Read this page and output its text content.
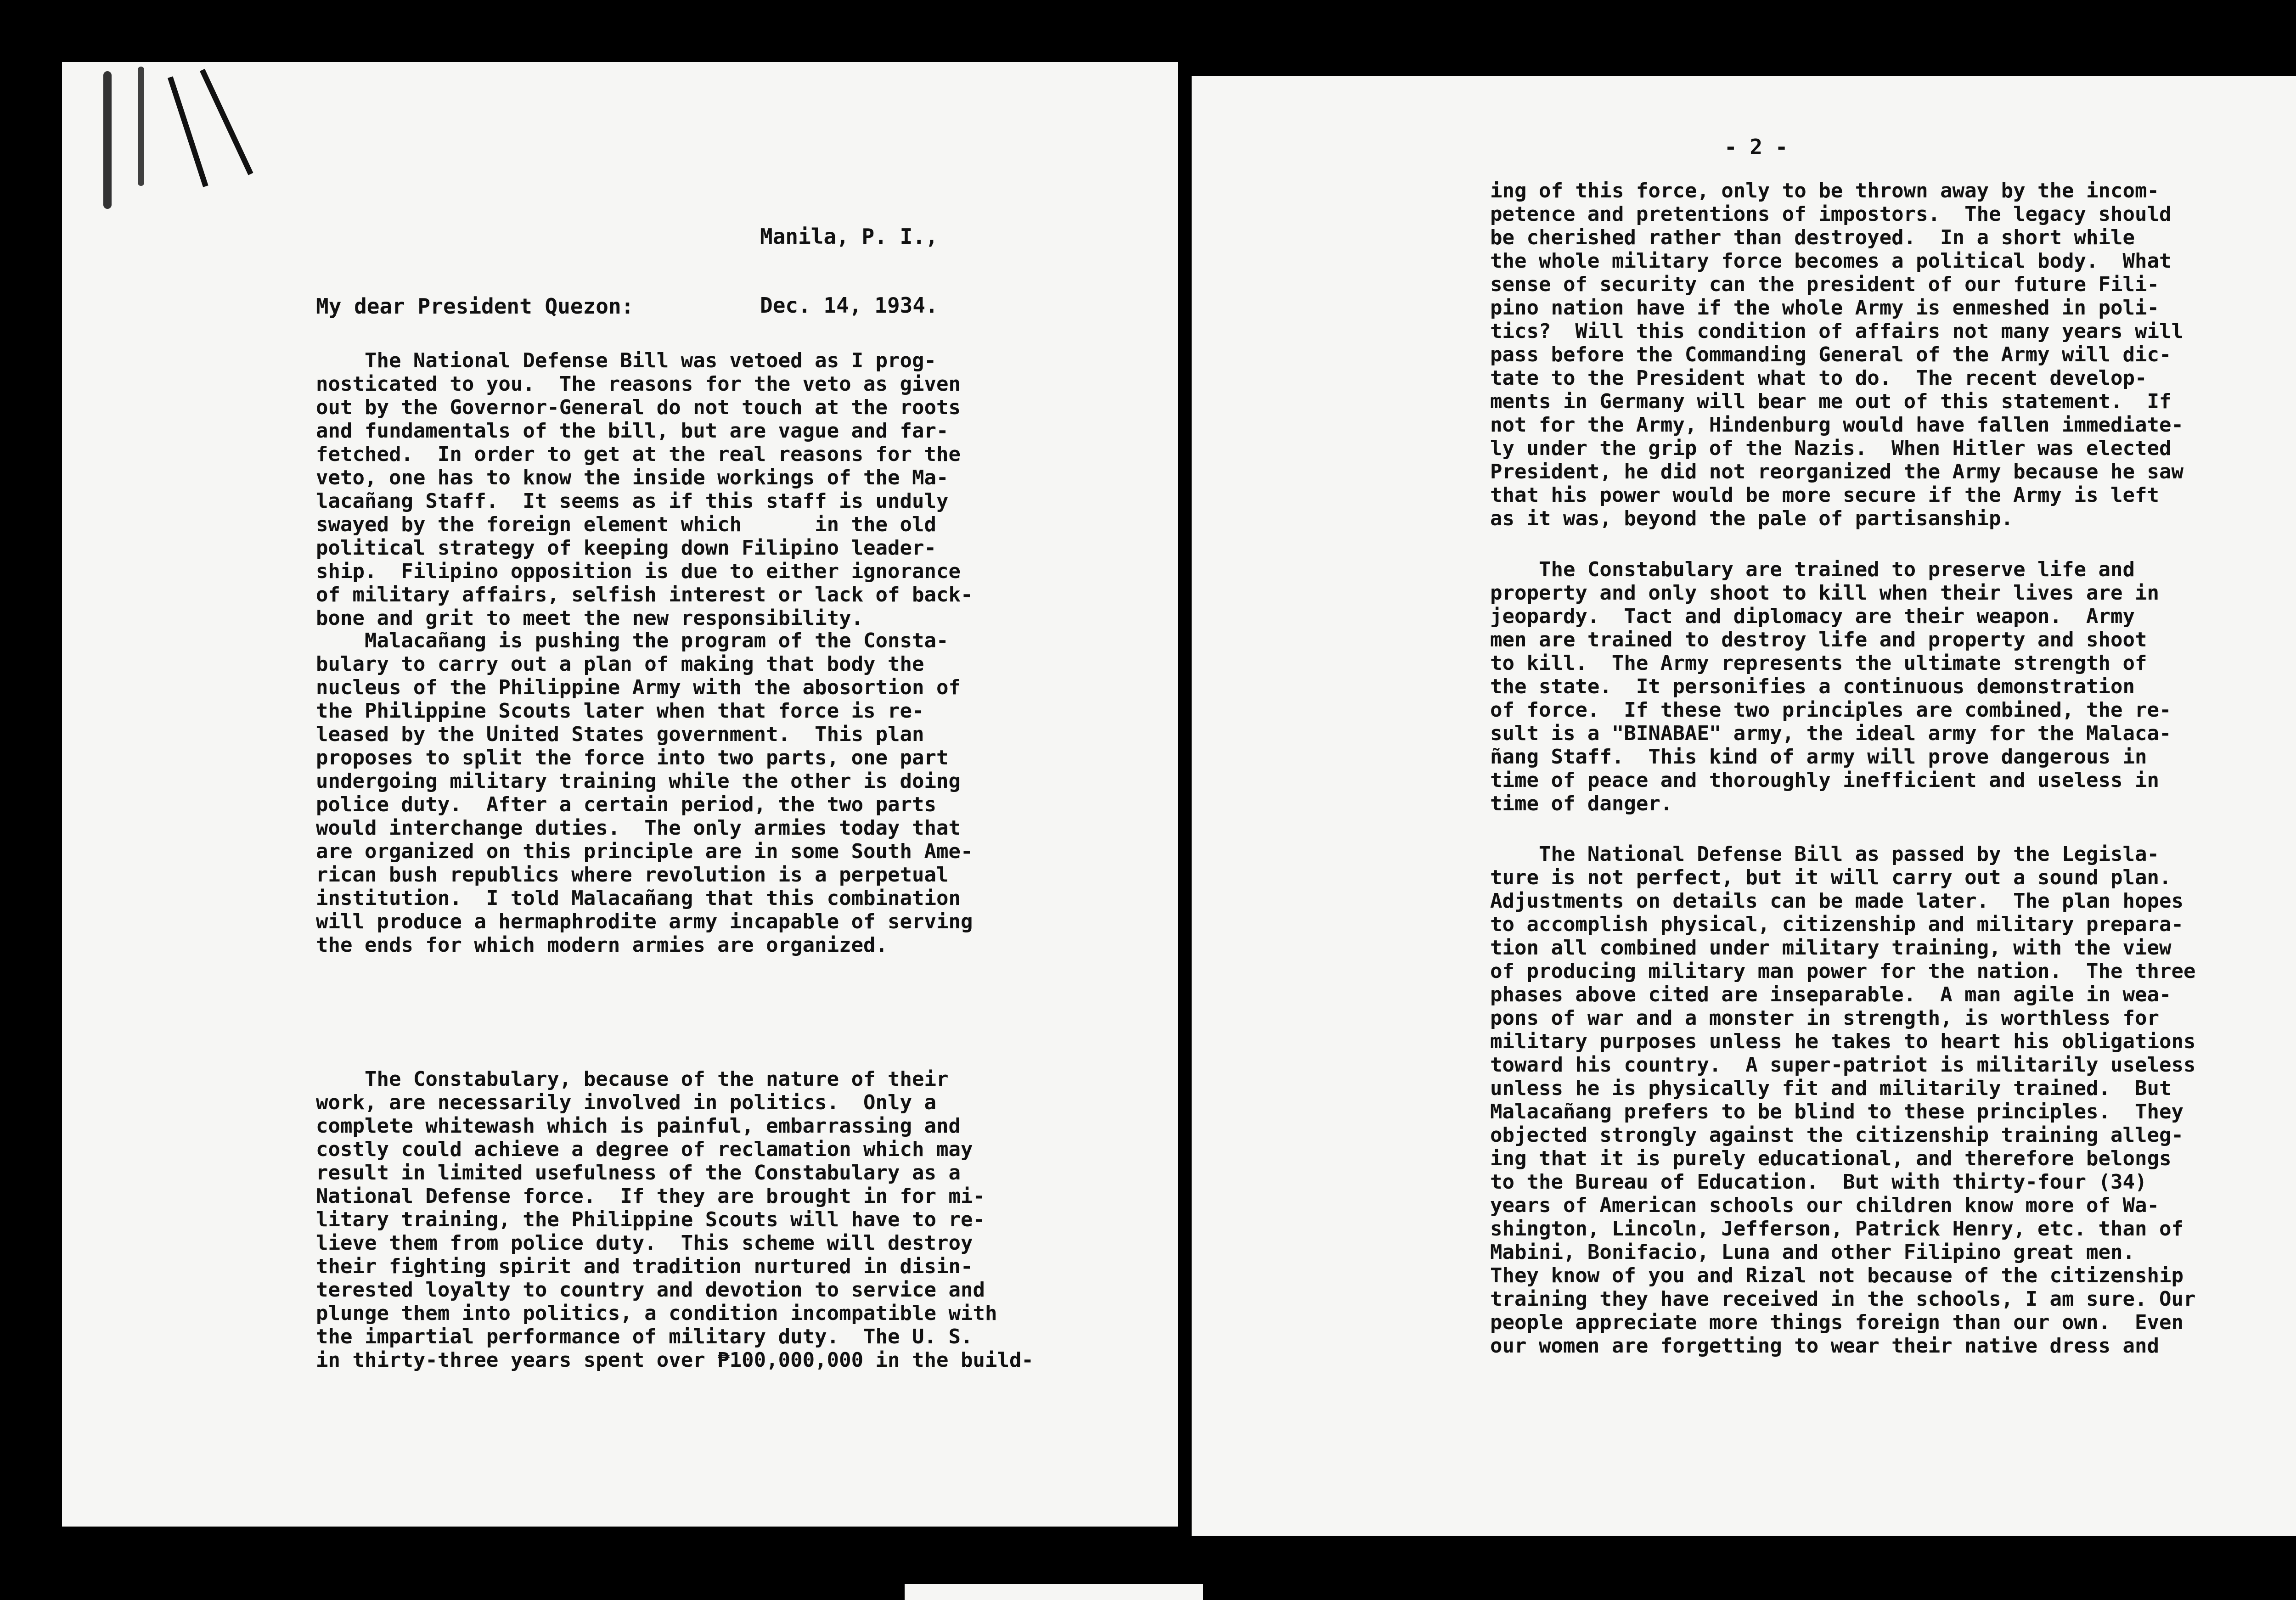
Manila, P. I.,

Dec. 14, 1934.

My dear President Quezon:
The National Defense Bill was vetoed as I prog-
nosticated to you.  The reasons for the veto as given
out by the Governor-General do not touch at the roots
and fundamentals of the bill, but are vague and far-
fetched.  In order to get at the real reasons for the
veto, one has to know the inside workings of the Ma-
lacañang Staff.  It seems as if this staff is unduly
swayed by the foreign element which      in the old
political strategy of keeping down Filipino leader-
ship.  Filipino opposition is due to either ignorance
of military affairs, selfish interest or lack of back-
bone and grit to meet the new responsibility.
Malacañang is pushing the program of the Consta-
bulary to carry out a plan of making that body the
nucleus of the Philippine Army with the abosortion of
the Philippine Scouts later when that force is re-
leased by the United States government.  This plan
proposes to split the force into two parts, one part
undergoing military training while the other is doing
police duty.  After a certain period, the two parts
would interchange duties.  The only armies today that
are organized on this principle are in some South Ame-
rican bush republics where revolution is a perpetual
institution.  I told Malacañang that this combination
will produce a hermaphrodite army incapable of serving
the ends for which modern armies are organized.
The Constabulary, because of the nature of their
work, are necessarily involved in politics.  Only a
complete whitewash which is painful, embarrassing and
costly could achieve a degree of reclamation which may
result in limited usefulness of the Constabulary as a
National Defense force.  If they are brought in for mi-
litary training, the Philippine Scouts will have to re-
lieve them from police duty.  This scheme will destroy
their fighting spirit and tradition nurtured in disin-
terested loyalty to country and devotion to service and
plunge them into politics, a condition incompatible with
the impartial performance of military duty.  The U. S.
in thirty-three years spent over ₱100,000,000 in the build-
- 2 -
ing of this force, only to be thrown away by the incom-
petence and pretentions of impostors.  The legacy should
be cherished rather than destroyed.  In a short while
the whole military force becomes a political body.  What
sense of security can the president of our future Fili-
pino nation have if the whole Army is enmeshed in poli-
tics?  Will this condition of affairs not many years will
pass before the Commanding General of the Army will dic-
tate to the President what to do.  The recent develop-
ments in Germany will bear me out of this statement.  If
not for the Army, Hindenburg would have fallen immediate-
ly under the grip of the Nazis.  When Hitler was elected
President, he did not reorganized the Army because he saw
that his power would be more secure if the Army is left
as it was, beyond the pale of partisanship.
The Constabulary are trained to preserve life and
property and only shoot to kill when their lives are in
jeopardy.  Tact and diplomacy are their weapon.  Army
men are trained to destroy life and property and shoot
to kill.  The Army represents the ultimate strength of
the state.  It personifies a continuous demonstration
of force.  If these two principles are combined, the re-
sult is a "BINABAE" army, the ideal army for the Malaca-
ñang Staff.  This kind of army will prove dangerous in
time of peace and thoroughly inefficient and useless in
time of danger.
The National Defense Bill as passed by the Legisla-
ture is not perfect, but it will carry out a sound plan.
Adjustments on details can be made later.  The plan hopes
to accomplish physical, citizenship and military prepara-
tion all combined under military training, with the view
of producing military man power for the nation.  The three
phases above cited are inseparable.  A man agile in wea-
pons of war and a monster in strength, is worthless for
military purposes unless he takes to heart his obligations
toward his country.  A super-patriot is militarily useless
unless he is physically fit and militarily trained.  But
Malacañang prefers to be blind to these principles.  They
objected strongly against the citizenship training alleg-
ing that it is purely educational, and therefore belongs
to the Bureau of Education.  But with thirty-four (34)
years of American schools our children know more of Wa-
shington, Lincoln, Jefferson, Patrick Henry, etc. than of
Mabini, Bonifacio, Luna and other Filipino great men.
They know of you and Rizal not because of the citizenship
training they have received in the schools, I am sure. Our
people appreciate more things foreign than our own.  Even
our women are forgetting to wear their native dress and
